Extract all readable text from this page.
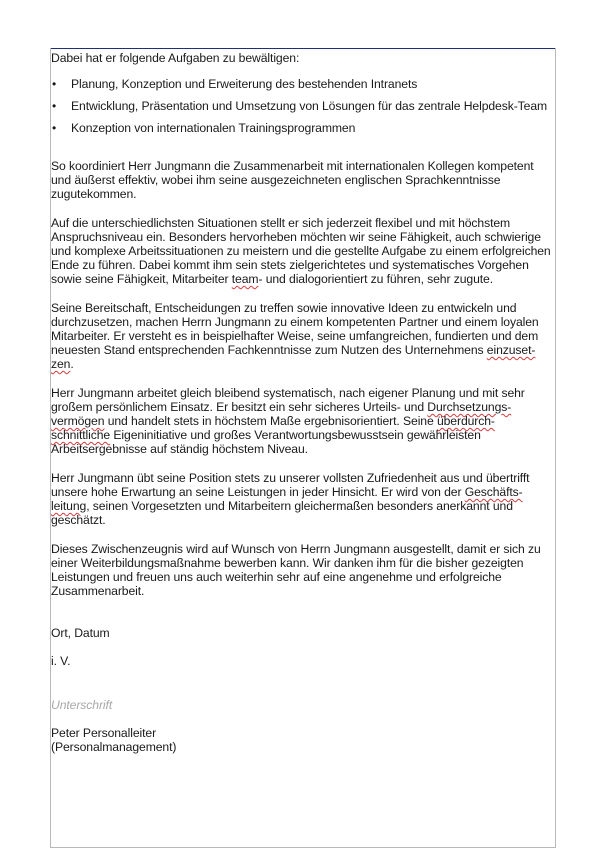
Dabei hat er folgende Aufgaben zu bewältigen:

• Planung, Konzeption und Erweiterung des bestehenden Intranets
• Entwicklung, Präsentation und Umsetzung von Lösungen für das zentrale Helpdesk-Team
• Konzeption von internationalen Trainingsprogrammen

So koordiniert Herr Jungmann die Zusammenarbeit mit internationalen Kollegen kompetent und äußerst effektiv, wobei ihm seine ausgezeichneten englischen Sprachkenntnisse zugutekommen.

Auf die unterschiedlichsten Situationen stellt er sich jederzeit flexibel und mit höchstem Anspruchsniveau ein. Besonders hervorheben möchten wir seine Fähigkeit, auch schwierige und komplexe Arbeitssituationen zu meistern und die gestellte Aufgabe zu einem erfolgreichen Ende zu führen. Dabei kommt ihm sein stets zielgerichtetes und systematisches Vorgehen sowie seine Fähigkeit, Mitarbeiter team- und dialogorientiert zu führen, sehr zugute.

Seine Bereitschaft, Entscheidungen zu treffen sowie innovative Ideen zu entwickeln und durchzusetzen, machen Herrn Jungmann zu einem kompetenten Partner und einem loyalen Mitarbeiter. Er versteht es in beispielhafter Weise, seine umfangreichen, fundierten und dem neuesten Stand entsprechenden Fachkenntnisse zum Nutzen des Unternehmens einzuset-zen.

Herr Jungmann arbeitet gleich bleibend systematisch, nach eigener Planung und mit sehr großem persönlichem Einsatz. Er besitzt ein sehr sicheres Urteils- und Durchsetzungs-vermögen und handelt stets in höchstem Maße ergebnisorientiert. Seine überdurch-schnittliche Eigeninitiative und großes Verantwortungsbewusstsein gewährleisten Arbeitsergebnisse auf ständig höchstem Niveau.

Herr Jungmann übt seine Position stets zu unserer vollsten Zufriedenheit aus und übertrifft unsere hohe Erwartung an seine Leistungen in jeder Hinsicht. Er wird von der Geschäfts-leitung, seinen Vorgesetzten und Mitarbeitern gleichermaßen besonders anerkannt und geschätzt.

Dieses Zwischenzeugnis wird auf Wunsch von Herrn Jungmann ausgestellt, damit er sich zu einer Weiterbildungsmaßnahme bewerben kann. Wir danken ihm für die bisher gezeigten Leistungen und freuen uns auch weiterhin sehr auf eine angenehme und erfolgreiche Zusammenarbeit.

Ort, Datum

i. V.

Unterschrift

Peter Personalleiter

(Personalmanagement)
